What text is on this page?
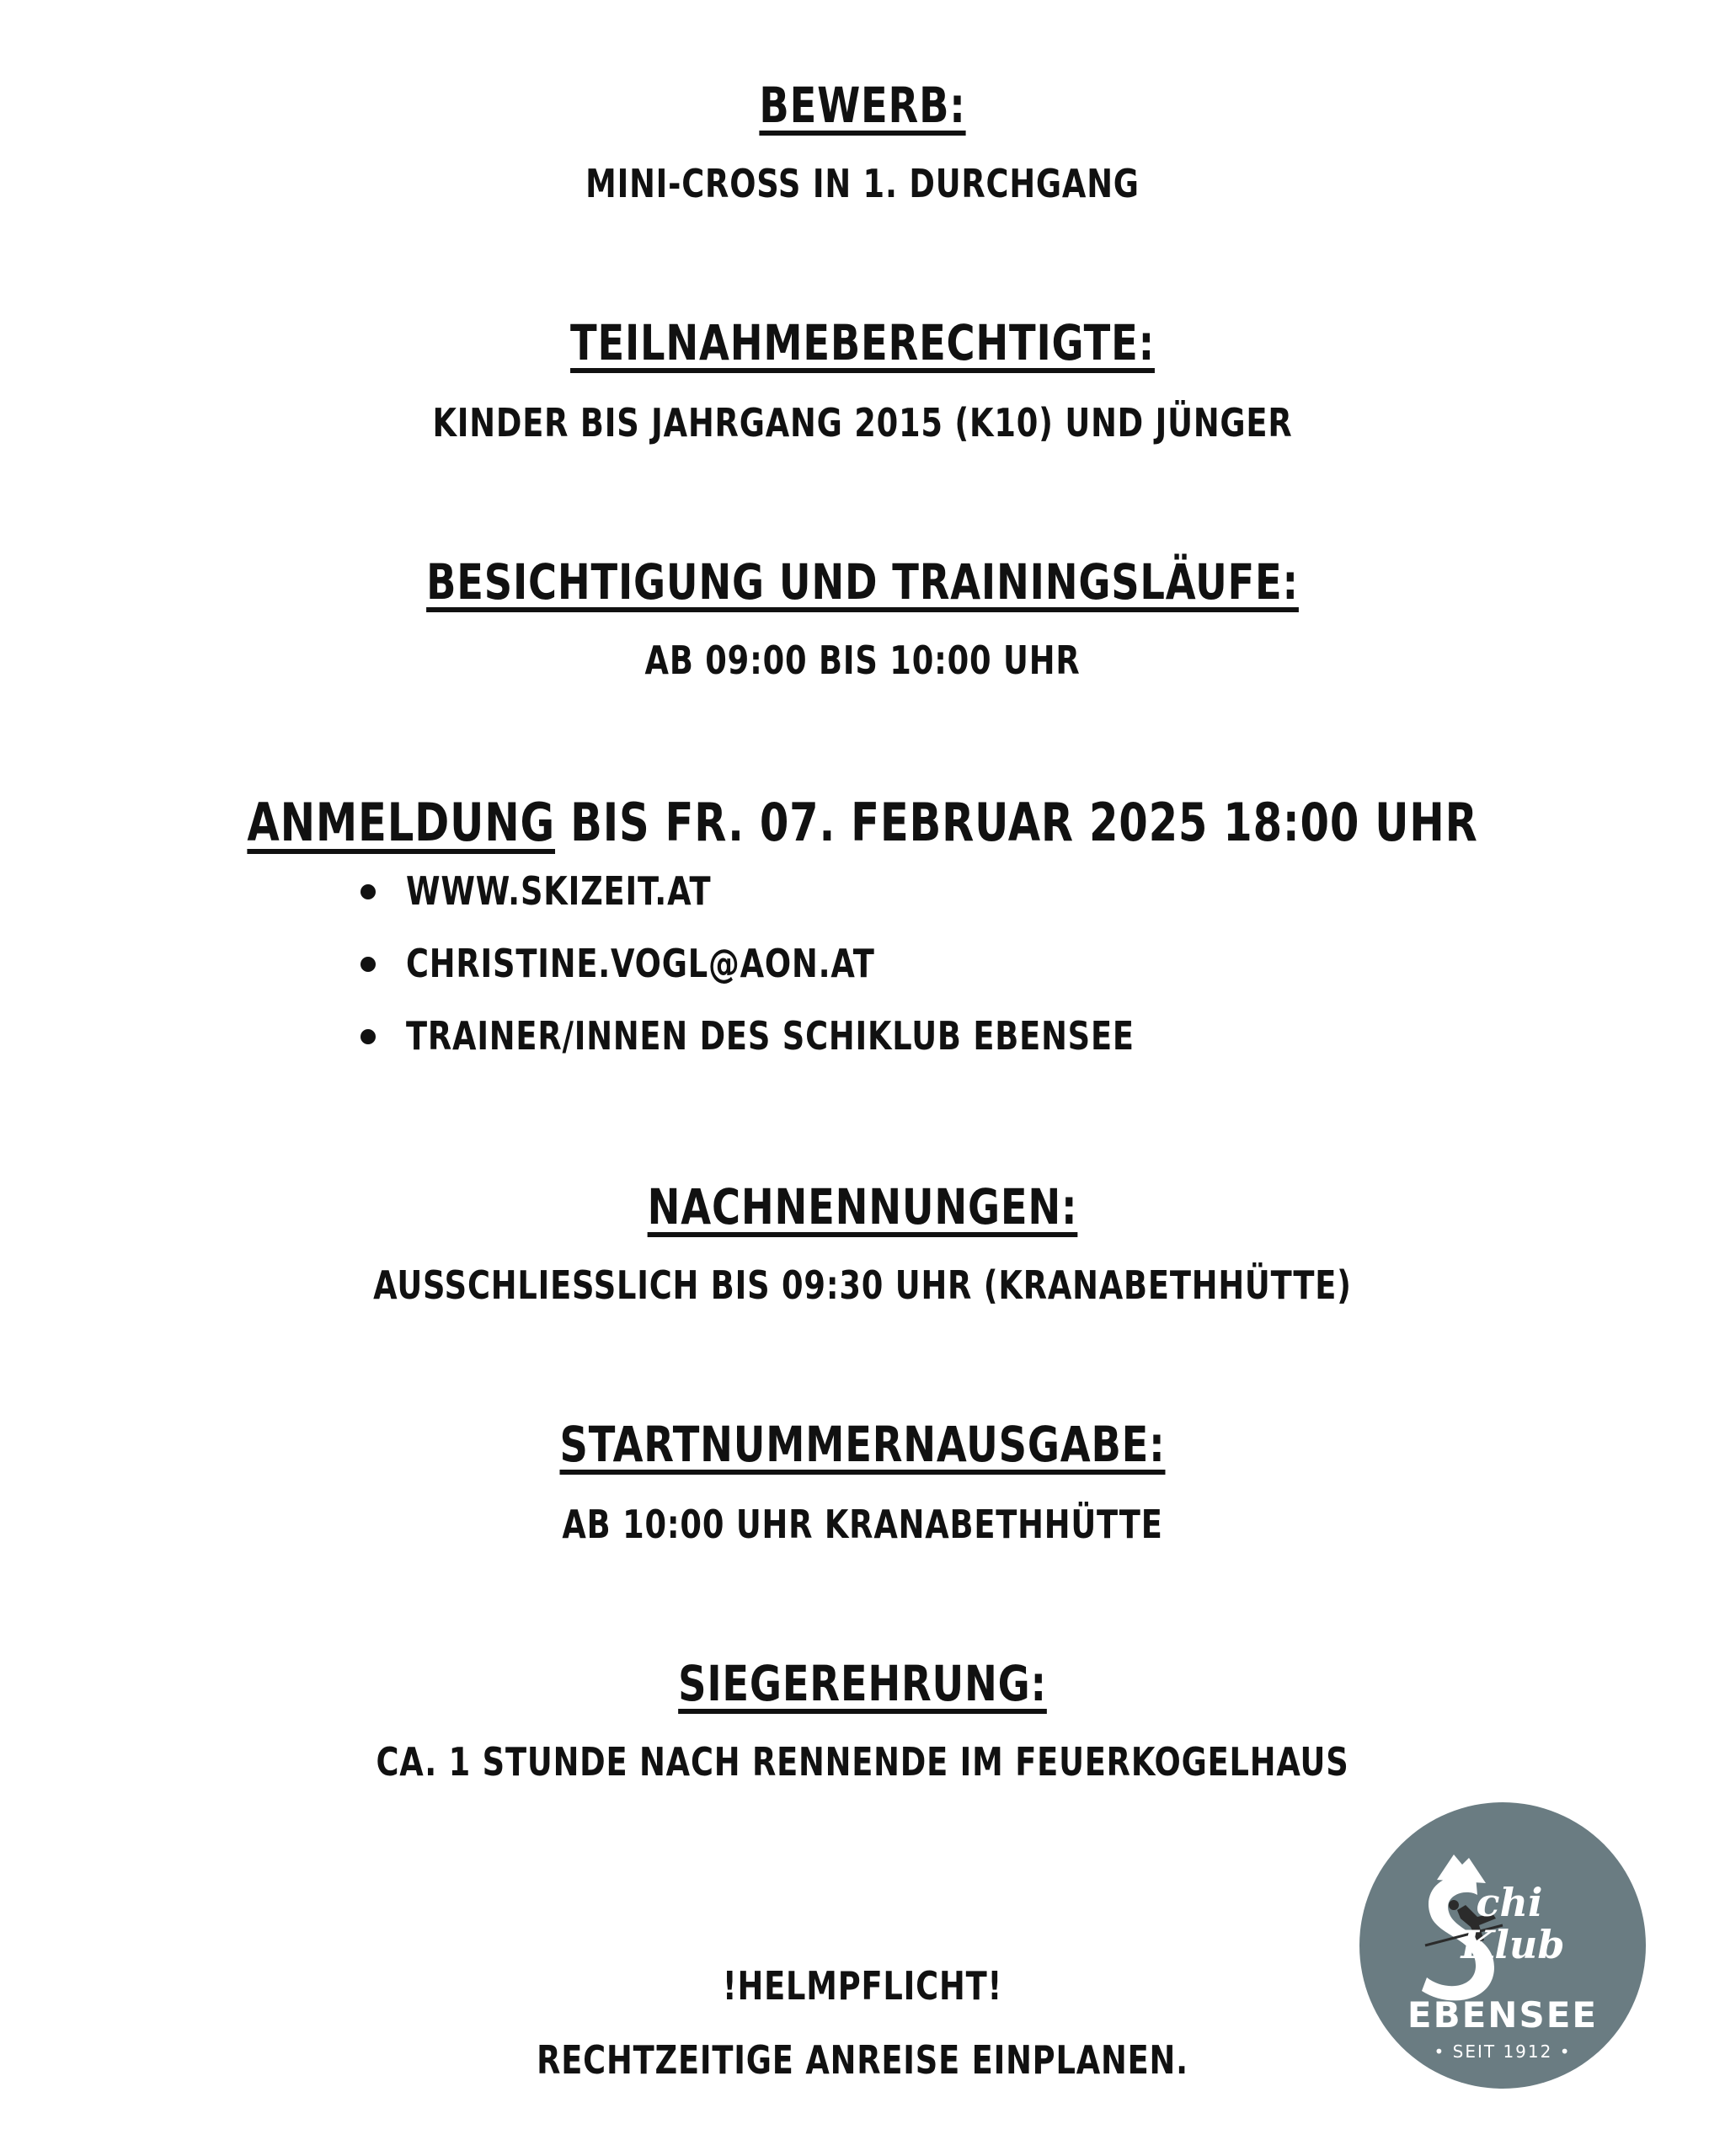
BEWERB:
MINI-CROSS IN 1. DURCHGANG
TEILNAHMEBERECHTIGTE:
KINDER BIS JAHRGANG 2015 (K10) UND JÜNGER
BESICHTIGUNG UND TRAININGSLÄUFE:
AB 09:00 BIS 10:00 UHR
ANMELDUNG BIS FR. 07. FEBRUAR 2025 18:00 UHR
WWW.SKIZEIT.AT
CHRISTINE.VOGL@AON.AT
TRAINER/INNEN DES SCHIKLUB EBENSEE
NACHNENNUNGEN:
AUSSCHLIESSLICH BIS 09:30 UHR (KRANABETHHÜTTE)
STARTNUMMERNAUSGABE:
AB 10:00 UHR KRANABETHHÜTTE
SIEGEREHRUNG:
CA. 1 STUNDE NACH RENNENDE IM FEUERKOGELHAUS
!HELMPFLICHT!
RECHTZEITIGE ANREISE EINPLANEN.
chi
Klub
EBENSEE
• SEIT 1912 •
